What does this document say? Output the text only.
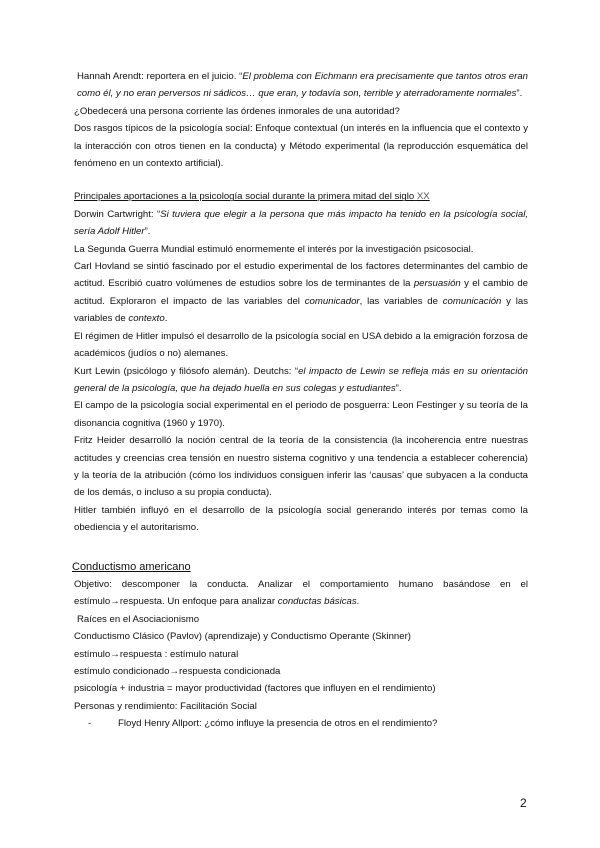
Hannah Arendt: reportera en el juicio. “El problema con Eichmann era precisamente que tantos otros eran como él, y no eran perversos ni sádicos… que eran, y todavía son, terrible y aterradoramente normales”.

¿Obedecerá una persona corriente las órdenes inmorales de una autoridad?

Dos rasgos típicos de la psicología social: Enfoque contextual (un interés en la influencia que el contexto y la interacción con otros tienen en la conducta) y Método experimental (la reproducción esquemática del fenómeno en un contexto artificial).

Principales aportaciones a la psicología social durante la primera mitad del siglo XX

Dorwin Cartwright: “Si tuviera que elegir a la persona que más impacto ha tenido en la psicología social, sería Adolf Hitler”.

La Segunda Guerra Mundial estimuló enormemente el interés por la investigación psicosocial.

Carl Hovland se sintió fascinado por el estudio experimental de los factores determinantes del cambio de actitud. Escribió cuatro volúmenes de estudios sobre los de terminantes de la persuasión y el cambio de actitud. Exploraron el impacto de las variables del comunicador, las variables de comunicación y las variables de contexto.

El régimen de Hitler impulsó el desarrollo de la psicología social en USA debido a la emigración forzosa de académicos (judíos o no) alemanes.

Kurt Lewin (psicólogo y filósofo alemán). Deutchs: “el impacto de Lewin se refleja más en su orientación general de la psicología, que ha dejado huella en sus colegas y estudiantes”.

El campo de la psicología social experimental en el periodo de posguerra: Leon Festinger y su teoría de la disonancia cognitiva (1960 y 1970).

Fritz Heider desarrolló la noción central de la teoría de la consistencia (la incoherencia entre nuestras actitudes y creencias crea tensión en nuestro sistema cognitivo y una tendencia a establecer coherencia) y la teoría de la atribución (cómo los individuos consiguen inferir las ‘causas’ que subyacen a la conducta de los demás, o incluso a su propia conducta).

Hitler también influyó en el desarrollo de la psicología social generando interés por temas como la obediencia y el autoritarismo.

Conductismo americano

Objetivo: descomponer la conducta. Analizar el comportamiento humano basándose en el estímulo→respuesta. Un enfoque para analizar conductas básicas.

Raíces en el Asociacionismo

Conductismo Clásico (Pavlov) (aprendizaje) y Conductismo Operante (Skinner)

estímulo→respuesta : estímulo natural

estímulo condicionado→respuesta condicionada

psicología + industria = mayor productividad (factores que influyen en el rendimiento)

Personas y rendimiento: Facilitación Social

-	Floyd Henry Allport: ¿cómo influye la presencia de otros en el rendimiento?

2
